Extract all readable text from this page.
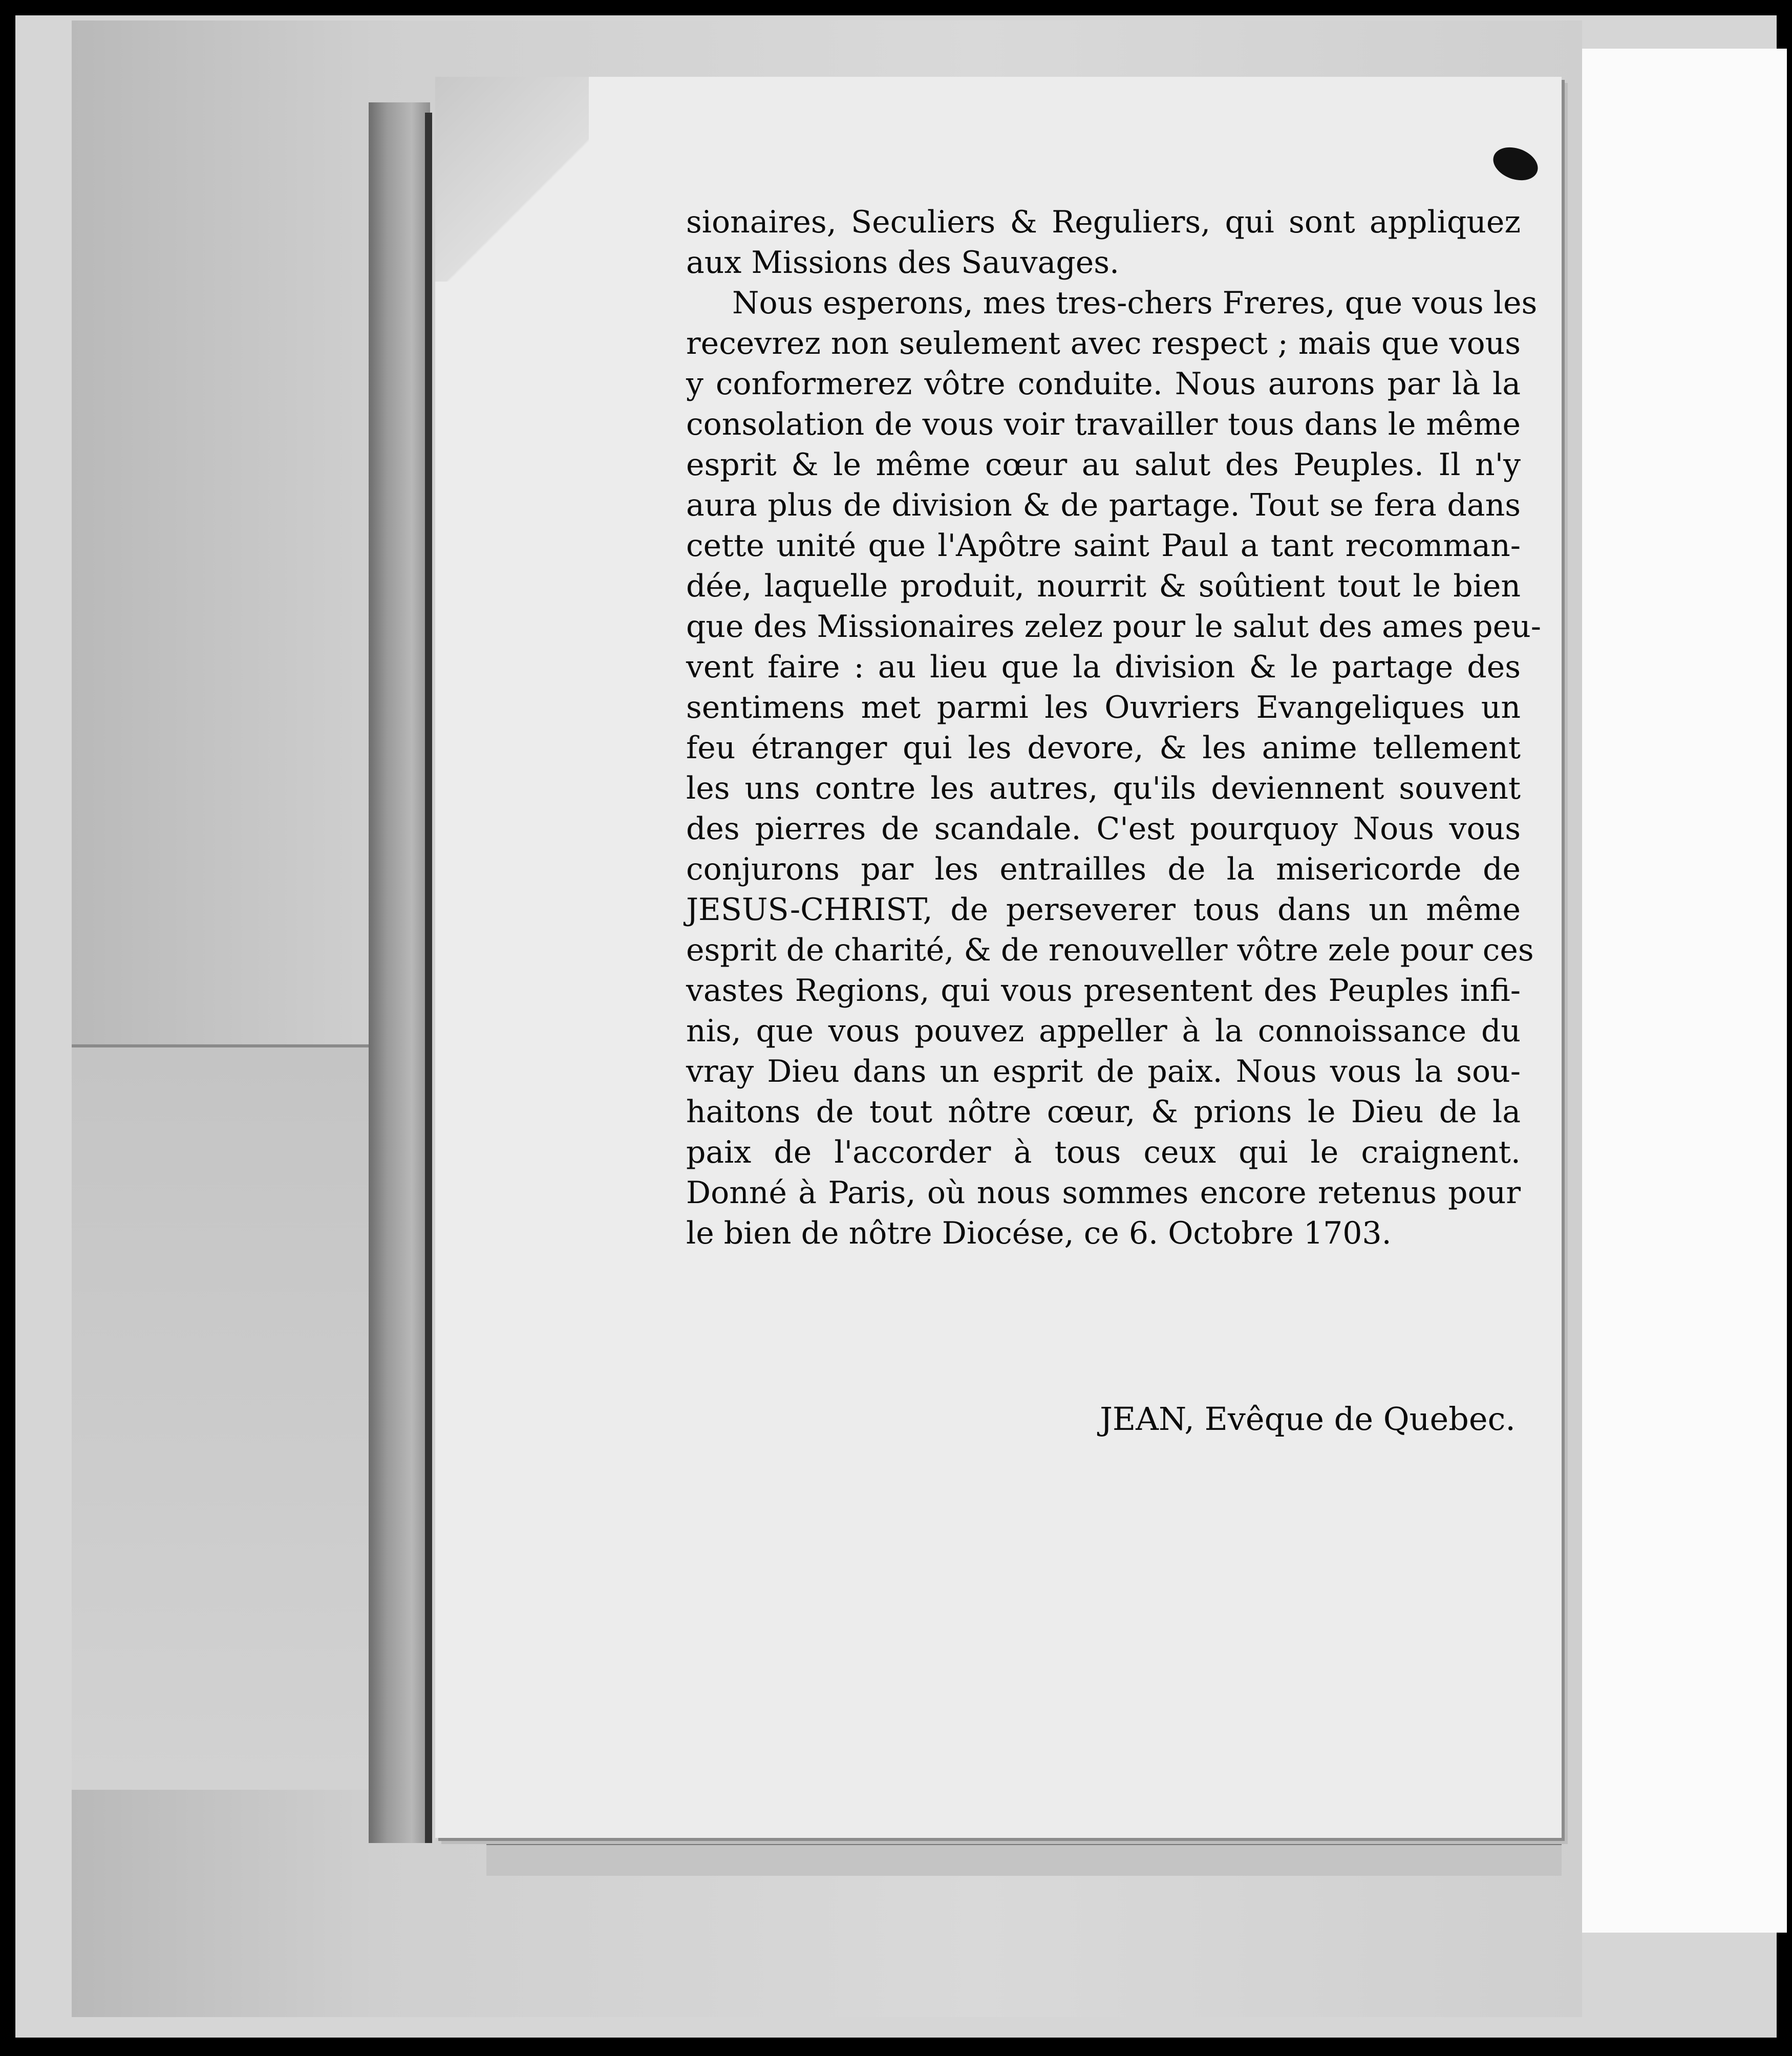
sionaires, Seculiers & Reguliers, qui sont appliquez
aux Missions des Sauvages.
Nous esperons, mes tres-chers Freres, que vous les
recevrez non seulement avec respect ; mais que vous
y conformerez vôtre conduite. Nous aurons par là la
consolation de vous voir travailler tous dans le même
esprit & le même cœur au salut des Peuples. Il n'y
aura plus de division & de partage. Tout se fera dans
cette unité que l'Apôtre saint Paul a tant recomman-
dée, laquelle produit, nourrit & soûtient tout le bien
que des Missionaires zelez pour le salut des ames peu-
vent faire : au lieu que la division & le partage des
sentimens met parmi les Ouvriers Evangeliques un
feu étranger qui les devore, & les anime tellement
les uns contre les autres, qu'ils deviennent souvent
des pierres de scandale. C'est pourquoy Nous vous
conjurons par les entrailles de la misericorde de
JESUS-CHRIST, de perseverer tous dans un même
esprit de charité, & de renouveller vôtre zele pour ces
vastes Regions, qui vous presentent des Peuples infi-
nis, que vous pouvez appeller à la connoissance du
vray Dieu dans un esprit de paix. Nous vous la sou-
haitons de tout nôtre cœur, & prions le Dieu de la
paix de l'accorder à tous ceux qui le craignent.
Donné à Paris, où nous sommes encore retenus pour
le bien de nôtre Diocése, ce 6. Octobre 1703.
JEAN, Evêque de Quebec.
